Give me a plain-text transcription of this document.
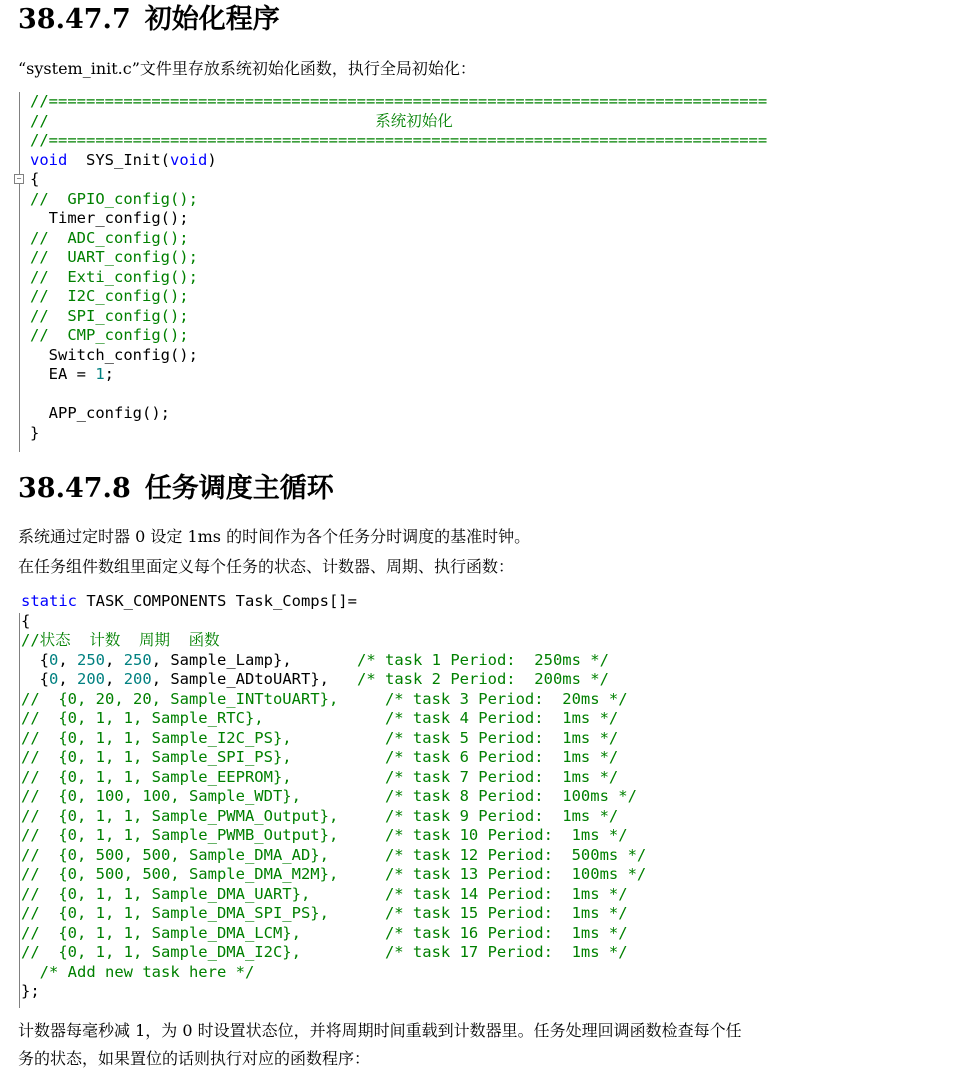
38.47.7 初始化程序

“system_init.c”文件里存放系统初始化函数，执行全局初始化：

−
//=============================================================================
//                                   系统初始化
//=============================================================================
void  SYS_Init(void)
{
//  GPIO_config();
Timer_config();
//  ADC_config();
//  UART_config();
//  Exti_config();
//  I2C_config();
//  SPI_config();
//  CMP_config();
Switch_config();
EA = 1;

APP_config();
}
38.47.8 任务调度主循环

系统通过定时器 0 设定 1ms 的时间作为各个任务分时调度的基准时钟。

在任务组件数组里面定义每个任务的状态、计数器、周期、执行函数：

static TASK_COMPONENTS Task_Comps[]=
{
//状态  计数  周期  函数
{0, 250, 250, Sample_Lamp},       /* task 1 Period:  250ms */
{0, 200, 200, Sample_ADtoUART},   /* task 2 Period:  200ms */
//  {0, 20, 20, Sample_INTtoUART},     /* task 3 Period:  20ms */
//  {0, 1, 1, Sample_RTC},             /* task 4 Period:  1ms */
//  {0, 1, 1, Sample_I2C_PS},          /* task 5 Period:  1ms */
//  {0, 1, 1, Sample_SPI_PS},          /* task 6 Period:  1ms */
//  {0, 1, 1, Sample_EEPROM},          /* task 7 Period:  1ms */
//  {0, 100, 100, Sample_WDT},         /* task 8 Period:  100ms */
//  {0, 1, 1, Sample_PWMA_Output},     /* task 9 Period:  1ms */
//  {0, 1, 1, Sample_PWMB_Output},     /* task 10 Period:  1ms */
//  {0, 500, 500, Sample_DMA_AD},      /* task 12 Period:  500ms */
//  {0, 500, 500, Sample_DMA_M2M},     /* task 13 Period:  100ms */
//  {0, 1, 1, Sample_DMA_UART},        /* task 14 Period:  1ms */
//  {0, 1, 1, Sample_DMA_SPI_PS},      /* task 15 Period:  1ms */
//  {0, 1, 1, Sample_DMA_LCM},         /* task 16 Period:  1ms */
//  {0, 1, 1, Sample_DMA_I2C},         /* task 17 Period:  1ms */
/* Add new task here */
};

计数器每毫秒减 1，为 0 时设置状态位，并将周期时间重载到计数器里。任务处理回调函数检查每个任

务的状态，如果置位的话则执行对应的函数程序：
